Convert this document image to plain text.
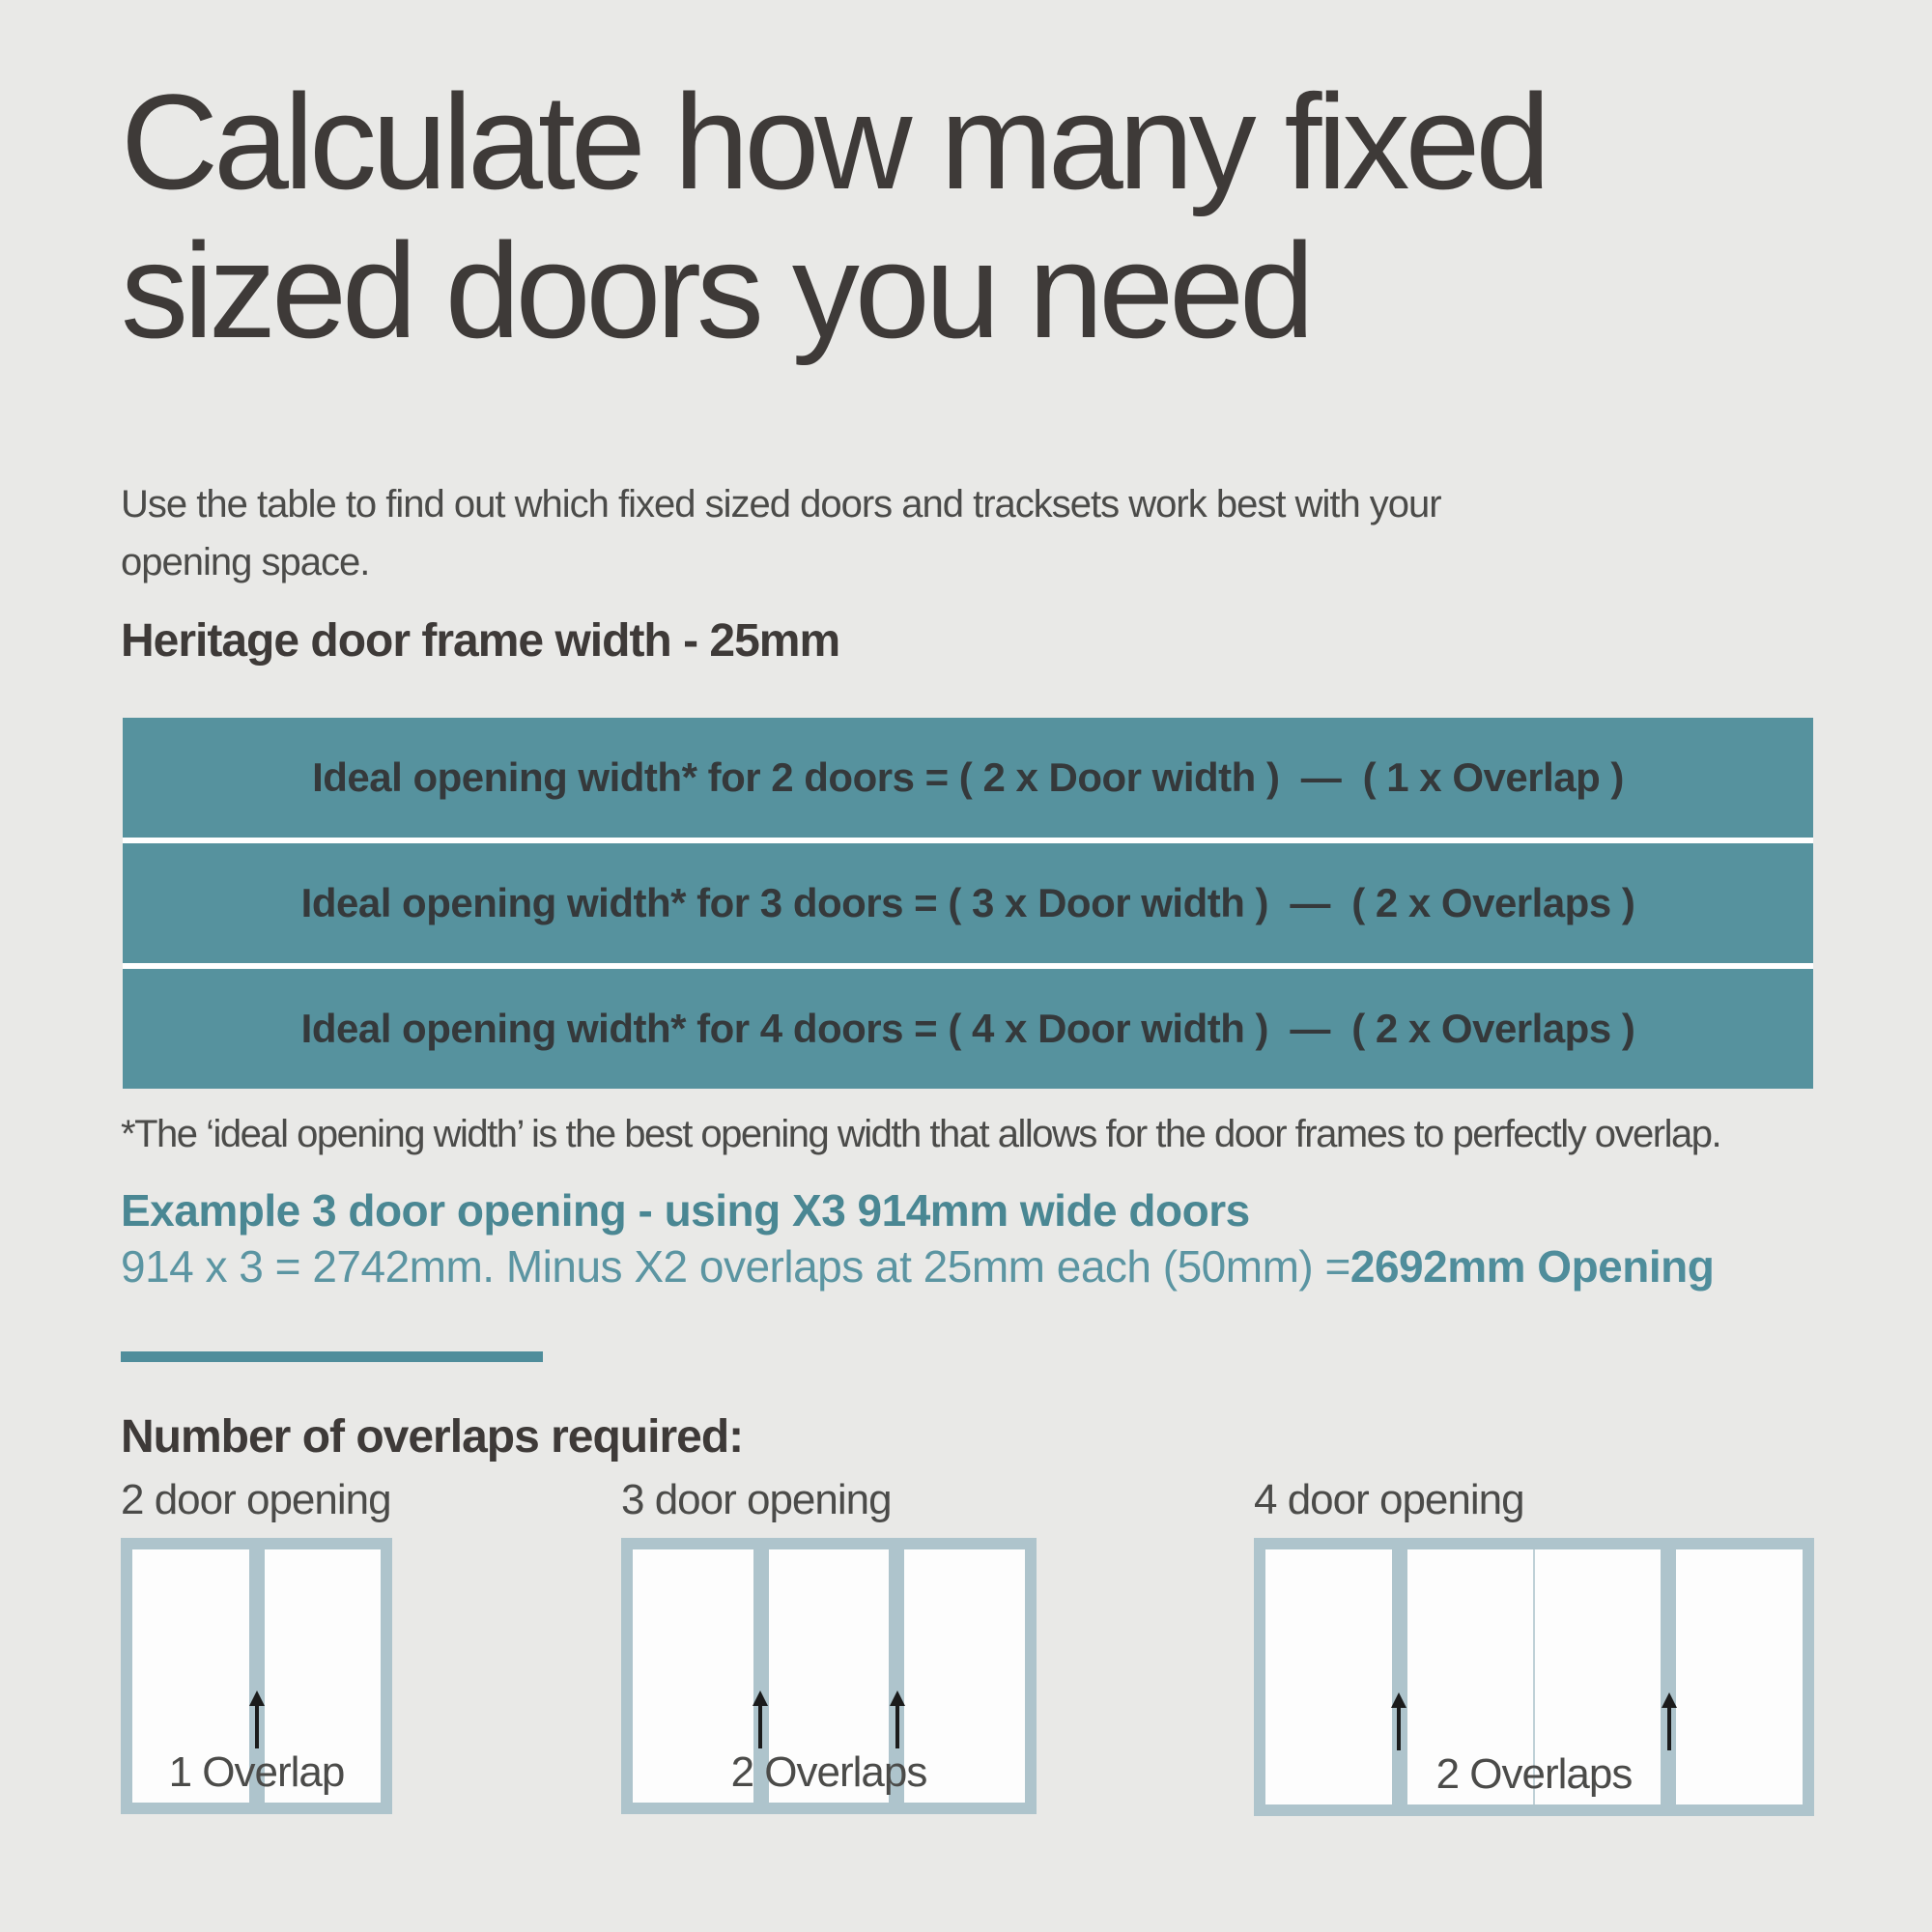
Calculate how many fixed
sized doors you need
Use the table to find out which fixed sized doors and tracksets work best with your
opening space.
Heritage door frame width - 25mm
Ideal opening width* for 2 doors = ( 2 x Door width )  —  ( 1 x Overlap )
Ideal opening width* for 3 doors = ( 3 x Door width )  —  ( 2 x Overlaps )
Ideal opening width* for 4 doors = ( 4 x Door width )  —  ( 2 x Overlaps )
*The ‘ideal opening width’ is the best opening width that allows for the door frames to perfectly overlap.
Example 3 door opening - using X3 914mm wide doors
914 x 3 = 2742mm. Minus X2 overlaps at 25mm each (50mm) =2692mm Opening
Number of overlaps required:
2 door opening	3 door opening	4 door opening
1 Overlap	2 Overlaps	2 Overlaps
